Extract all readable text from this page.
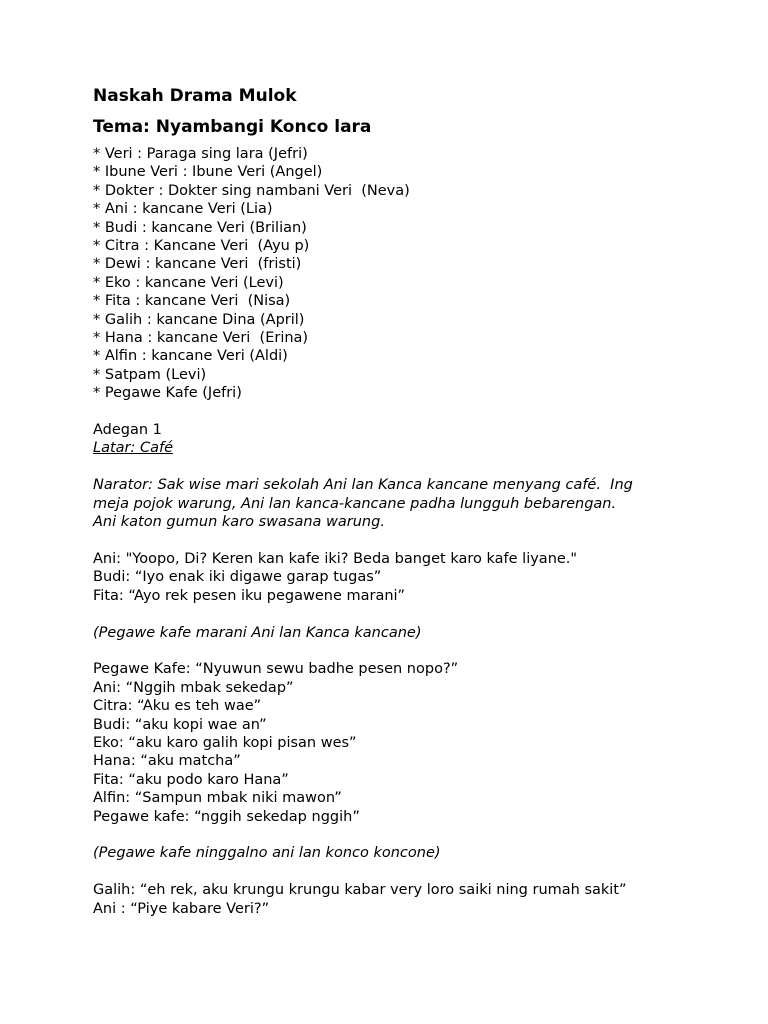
Naskah Drama Mulok
Tema: Nyambangi Konco lara
* Veri : Paraga sing lara (Jefri)
* Ibune Veri : Ibune Veri (Angel)
* Dokter : Dokter sing nambani Veri  (Neva)
* Ani : kancane Veri (Lia)
* Budi : kancane Veri (Brilian)
* Citra : Kancane Veri  (Ayu p)
* Dewi : kancane Veri  (fristi)
* Eko : kancane Veri (Levi)
* Fita : kancane Veri  (Nisa)
* Galih : kancane Dina (April)
* Hana : kancane Veri  (Erina)
* Alfin : kancane Veri (Aldi)
* Satpam (Levi)
* Pegawe Kafe (Jefri)
Adegan 1
Latar: Café
Narator: Sak wise mari sekolah Ani lan Kanca kancane menyang café.  Ing
meja pojok warung, Ani lan kanca-kancane padha lungguh bebarengan.
Ani katon gumun karo swasana warung.
Ani: "Yoopo, Di? Keren kan kafe iki? Beda banget karo kafe liyane."
Budi: “Iyo enak iki digawe garap tugas”
Fita: “Ayo rek pesen iku pegawene marani”
(Pegawe kafe marani Ani lan Kanca kancane)
Pegawe Kafe: “Nyuwun sewu badhe pesen nopo?”
Ani: “Nggih mbak sekedap”
Citra: “Aku es teh wae”
Budi: “aku kopi wae an”
Eko: “aku karo galih kopi pisan wes”
Hana: “aku matcha”
Fita: “aku podo karo Hana”
Alfin: “Sampun mbak niki mawon”
Pegawe kafe: “nggih sekedap nggih”
(Pegawe kafe ninggalno ani lan konco koncone)
Galih: “eh rek, aku krungu krungu kabar very loro saiki ning rumah sakit”
Ani : “Piye kabare Veri?”
